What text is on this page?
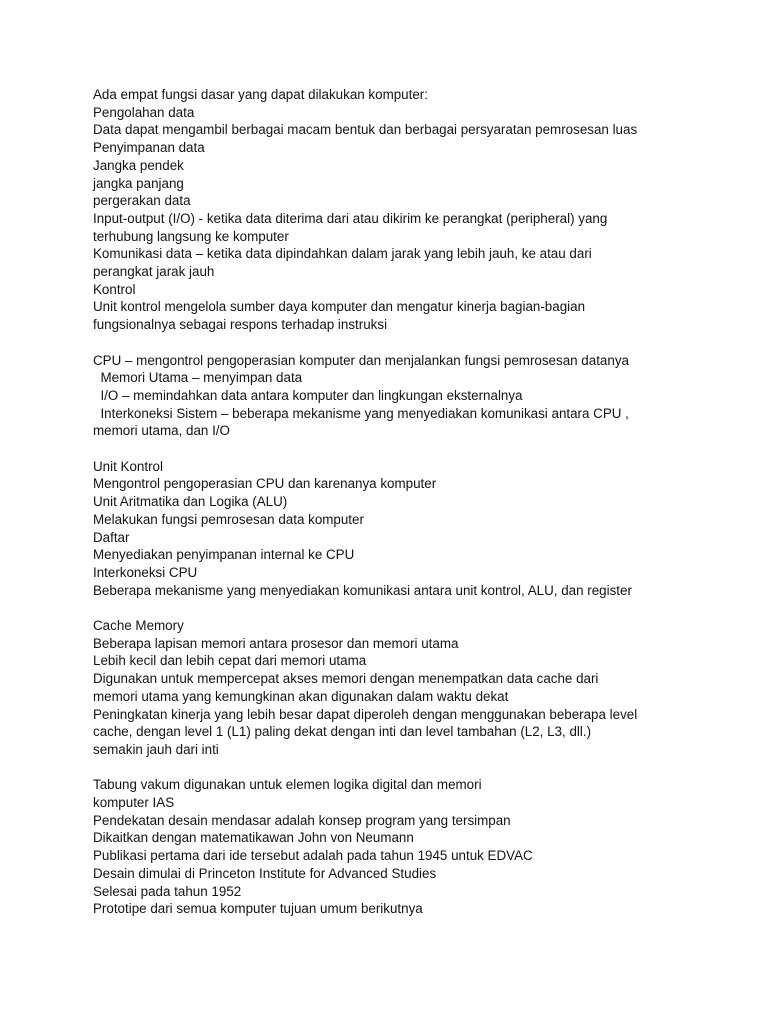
Ada empat fungsi dasar yang dapat dilakukan komputer:
Pengolahan data
Data dapat mengambil berbagai macam bentuk dan berbagai persyaratan pemrosesan luas
Penyimpanan data
Jangka pendek
jangka panjang
pergerakan data
Input-output (I/O) - ketika data diterima dari atau dikirim ke perangkat (peripheral) yang
terhubung langsung ke komputer
Komunikasi data – ketika data dipindahkan dalam jarak yang lebih jauh, ke atau dari
perangkat jarak jauh
Kontrol
Unit kontrol mengelola sumber daya komputer dan mengatur kinerja bagian-bagian
fungsionalnya sebagai respons terhadap instruksi
CPU – mengontrol pengoperasian komputer dan menjalankan fungsi pemrosesan datanya
Memori Utama – menyimpan data
I/O – memindahkan data antara komputer dan lingkungan eksternalnya
Interkoneksi Sistem – beberapa mekanisme yang menyediakan komunikasi antara CPU ,
memori utama, dan I/O
Unit Kontrol
Mengontrol pengoperasian CPU dan karenanya komputer
Unit Aritmatika dan Logika (ALU)
Melakukan fungsi pemrosesan data komputer
Daftar
Menyediakan penyimpanan internal ke CPU
Interkoneksi CPU
Beberapa mekanisme yang menyediakan komunikasi antara unit kontrol, ALU, dan register
Cache Memory
Beberapa lapisan memori antara prosesor dan memori utama
Lebih kecil dan lebih cepat dari memori utama
Digunakan untuk mempercepat akses memori dengan menempatkan data cache dari
memori utama yang kemungkinan akan digunakan dalam waktu dekat
Peningkatan kinerja yang lebih besar dapat diperoleh dengan menggunakan beberapa level
cache, dengan level 1 (L1) paling dekat dengan inti dan level tambahan (L2, L3, dll.)
semakin jauh dari inti
Tabung vakum digunakan untuk elemen logika digital dan memori
komputer IAS
Pendekatan desain mendasar adalah konsep program yang tersimpan
Dikaitkan dengan matematikawan John von Neumann
Publikasi pertama dari ide tersebut adalah pada tahun 1945 untuk EDVAC
Desain dimulai di Princeton Institute for Advanced Studies
Selesai pada tahun 1952
Prototipe dari semua komputer tujuan umum berikutnya
